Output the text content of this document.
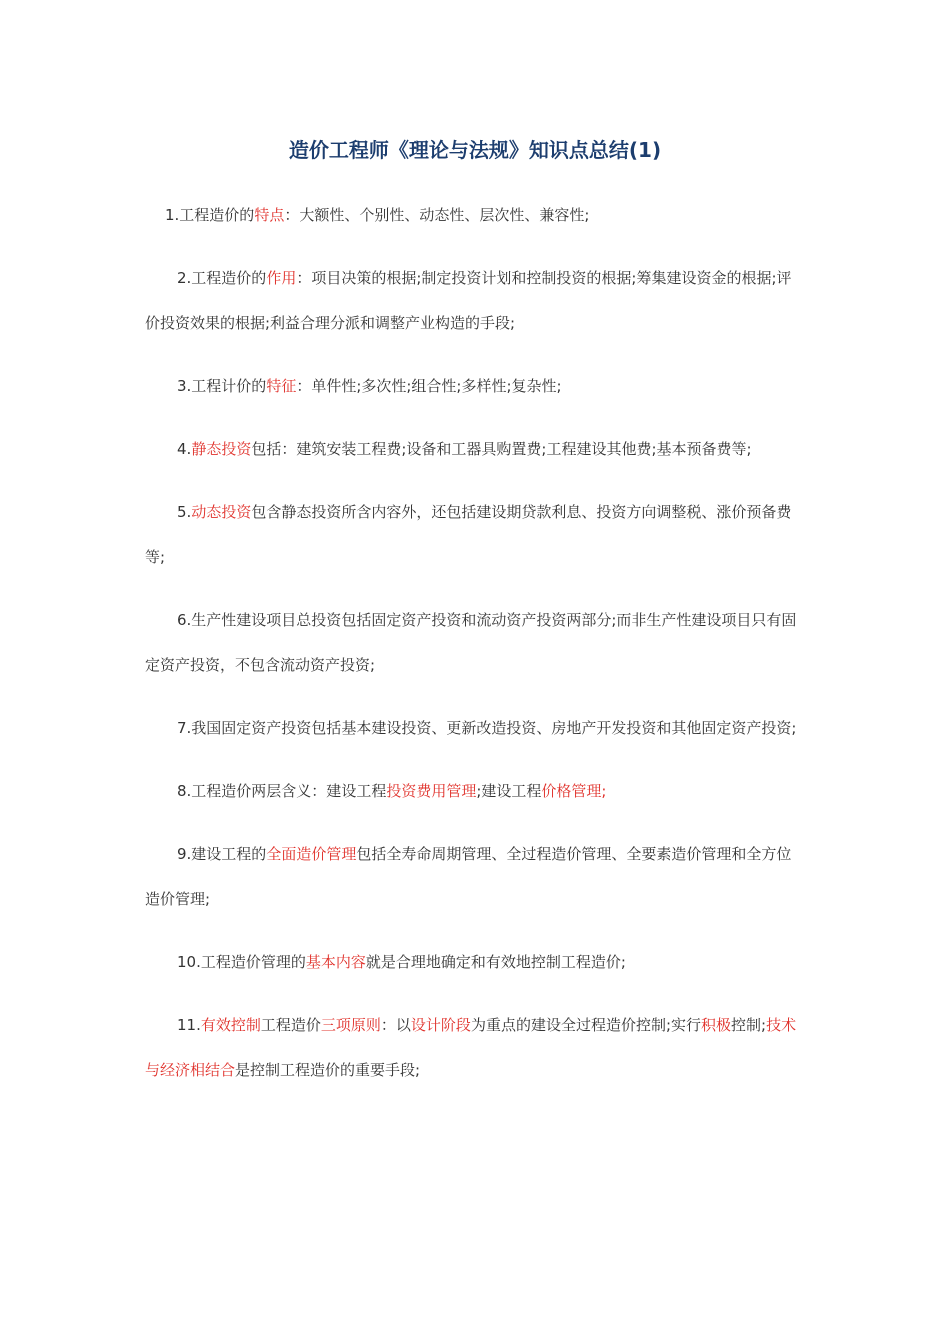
造价工程师《理论与法规》知识点总结(1)

1.工程造价的特点：大额性、个别性、动态性、层次性、兼容性;

2.工程造价的作用：项目决策的根据;制定投资计划和控制投资的根据;筹集建设资金的根据;评价投资效果的根据;利益合理分派和调整产业构造的手段;

3.工程计价的特征：单件性;多次性;组合性;多样性;复杂性;

4.静态投资包括：建筑安装工程费;设备和工器具购置费;工程建设其他费;基本预备费等;

5.动态投资包含静态投资所含内容外，还包括建设期贷款利息、投资方向调整税、涨价预备费等;

6.生产性建设项目总投资包括固定资产投资和流动资产投资两部分;而非生产性建设项目只有固定资产投资，不包含流动资产投资;

7.我国固定资产投资包括基本建设投资、更新改造投资、房地产开发投资和其他固定资产投资;

8.工程造价两层含义：建设工程投资费用管理;建设工程价格管理;

9.建设工程的全面造价管理包括全寿命周期管理、全过程造价管理、全要素造价管理和全方位造价管理;

10.工程造价管理的基本内容就是合理地确定和有效地控制工程造价;

11.有效控制工程造价三项原则：以设计阶段为重点的建设全过程造价控制;实行积极控制;技术与经济相结合是控制工程造价的重要手段;
